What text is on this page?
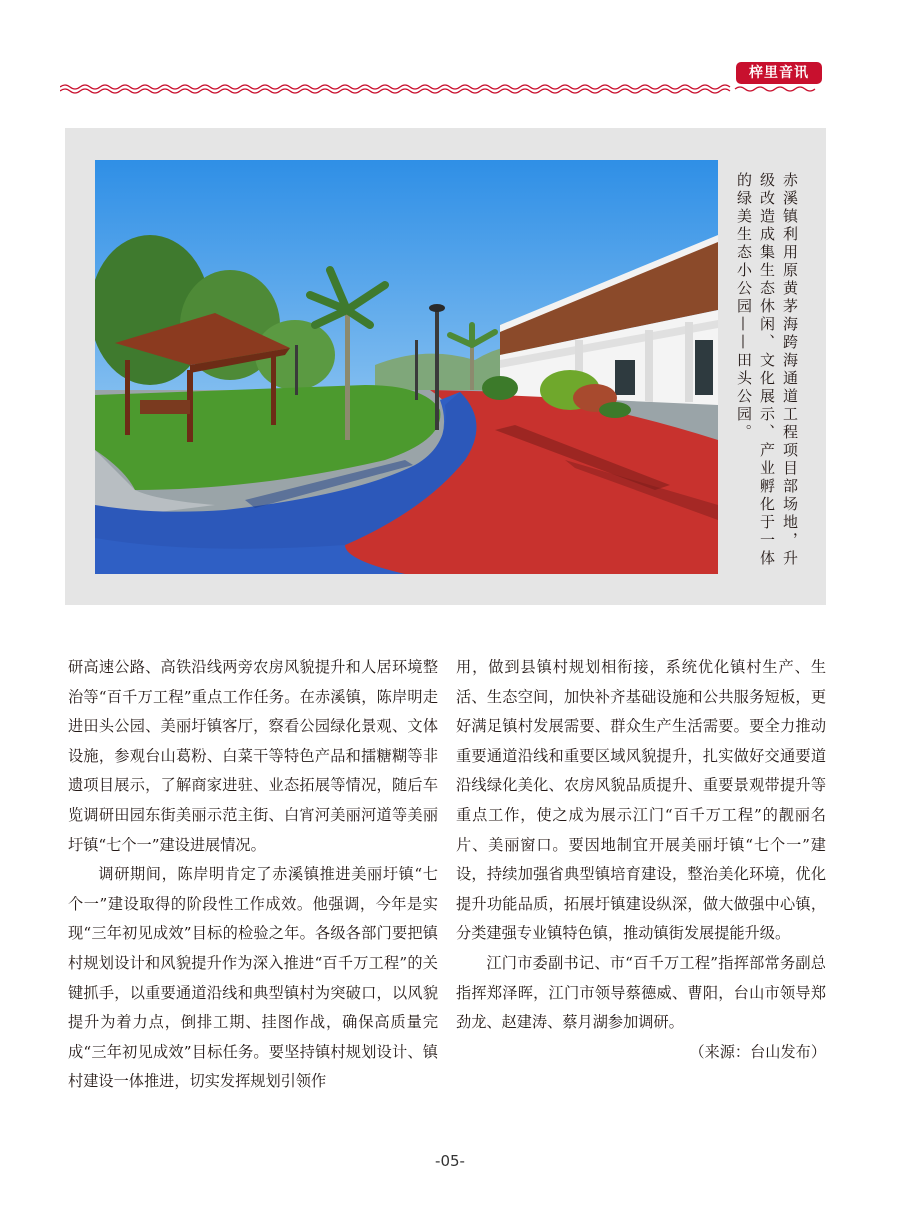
梓里音讯
赤溪镇利用原黄茅海跨海通道工程项目部场地，升级改造成集生态休闲、文化展示、产业孵化于一体的绿美生态小公园——田头公园。

研高速公路、高铁沿线两旁农房风貌提升和人居环境整治等“百千万工程”重点工作任务。在赤溪镇，陈岸明走进田头公园、美丽圩镇客厅，察看公园绿化景观、文体设施，参观台山葛粉、白菜干等特色产品和擂糖糊等非遗项目展示，了解商家进驻、业态拓展等情况，随后车览调研田园东街美丽示范主街、白宵河美丽河道等美丽圩镇“七个一”建设进展情况。

调研期间，陈岸明肯定了赤溪镇推进美丽圩镇“七个一”建设取得的阶段性工作成效。他强调，今年是实现“三年初见成效”目标的检验之年。各级各部门要把镇村规划设计和风貌提升作为深入推进“百千万工程”的关键抓手，以重要通道沿线和典型镇村为突破口，以风貌提升为着力点，倒排工期、挂图作战，确保高质量完成“三年初见成效”目标任务。要坚持镇村规划设计、镇村建设一体推进，切实发挥规划引领作

用，做到县镇村规划相衔接，系统优化镇村生产、生活、生态空间，加快补齐基础设施和公共服务短板，更好满足镇村发展需要、群众生产生活需要。要全力推动重要通道沿线和重要区域风貌提升，扎实做好交通要道沿线绿化美化、农房风貌品质提升、重要景观带提升等重点工作，使之成为展示江门“百千万工程”的靓丽名片、美丽窗口。要因地制宜开展美丽圩镇“七个一”建设，持续加强省典型镇培育建设，整治美化环境，优化提升功能品质，拓展圩镇建设纵深，做大做强中心镇，分类建强专业镇特色镇，推动镇街发展提能升级。

江门市委副书记、市“百千万工程”指挥部常务副总指挥郑泽晖，江门市领导蔡德威、曹阳，台山市领导郑劲龙、赵建涛、蔡月湖参加调研。

（来源：台山发布）

-05-
